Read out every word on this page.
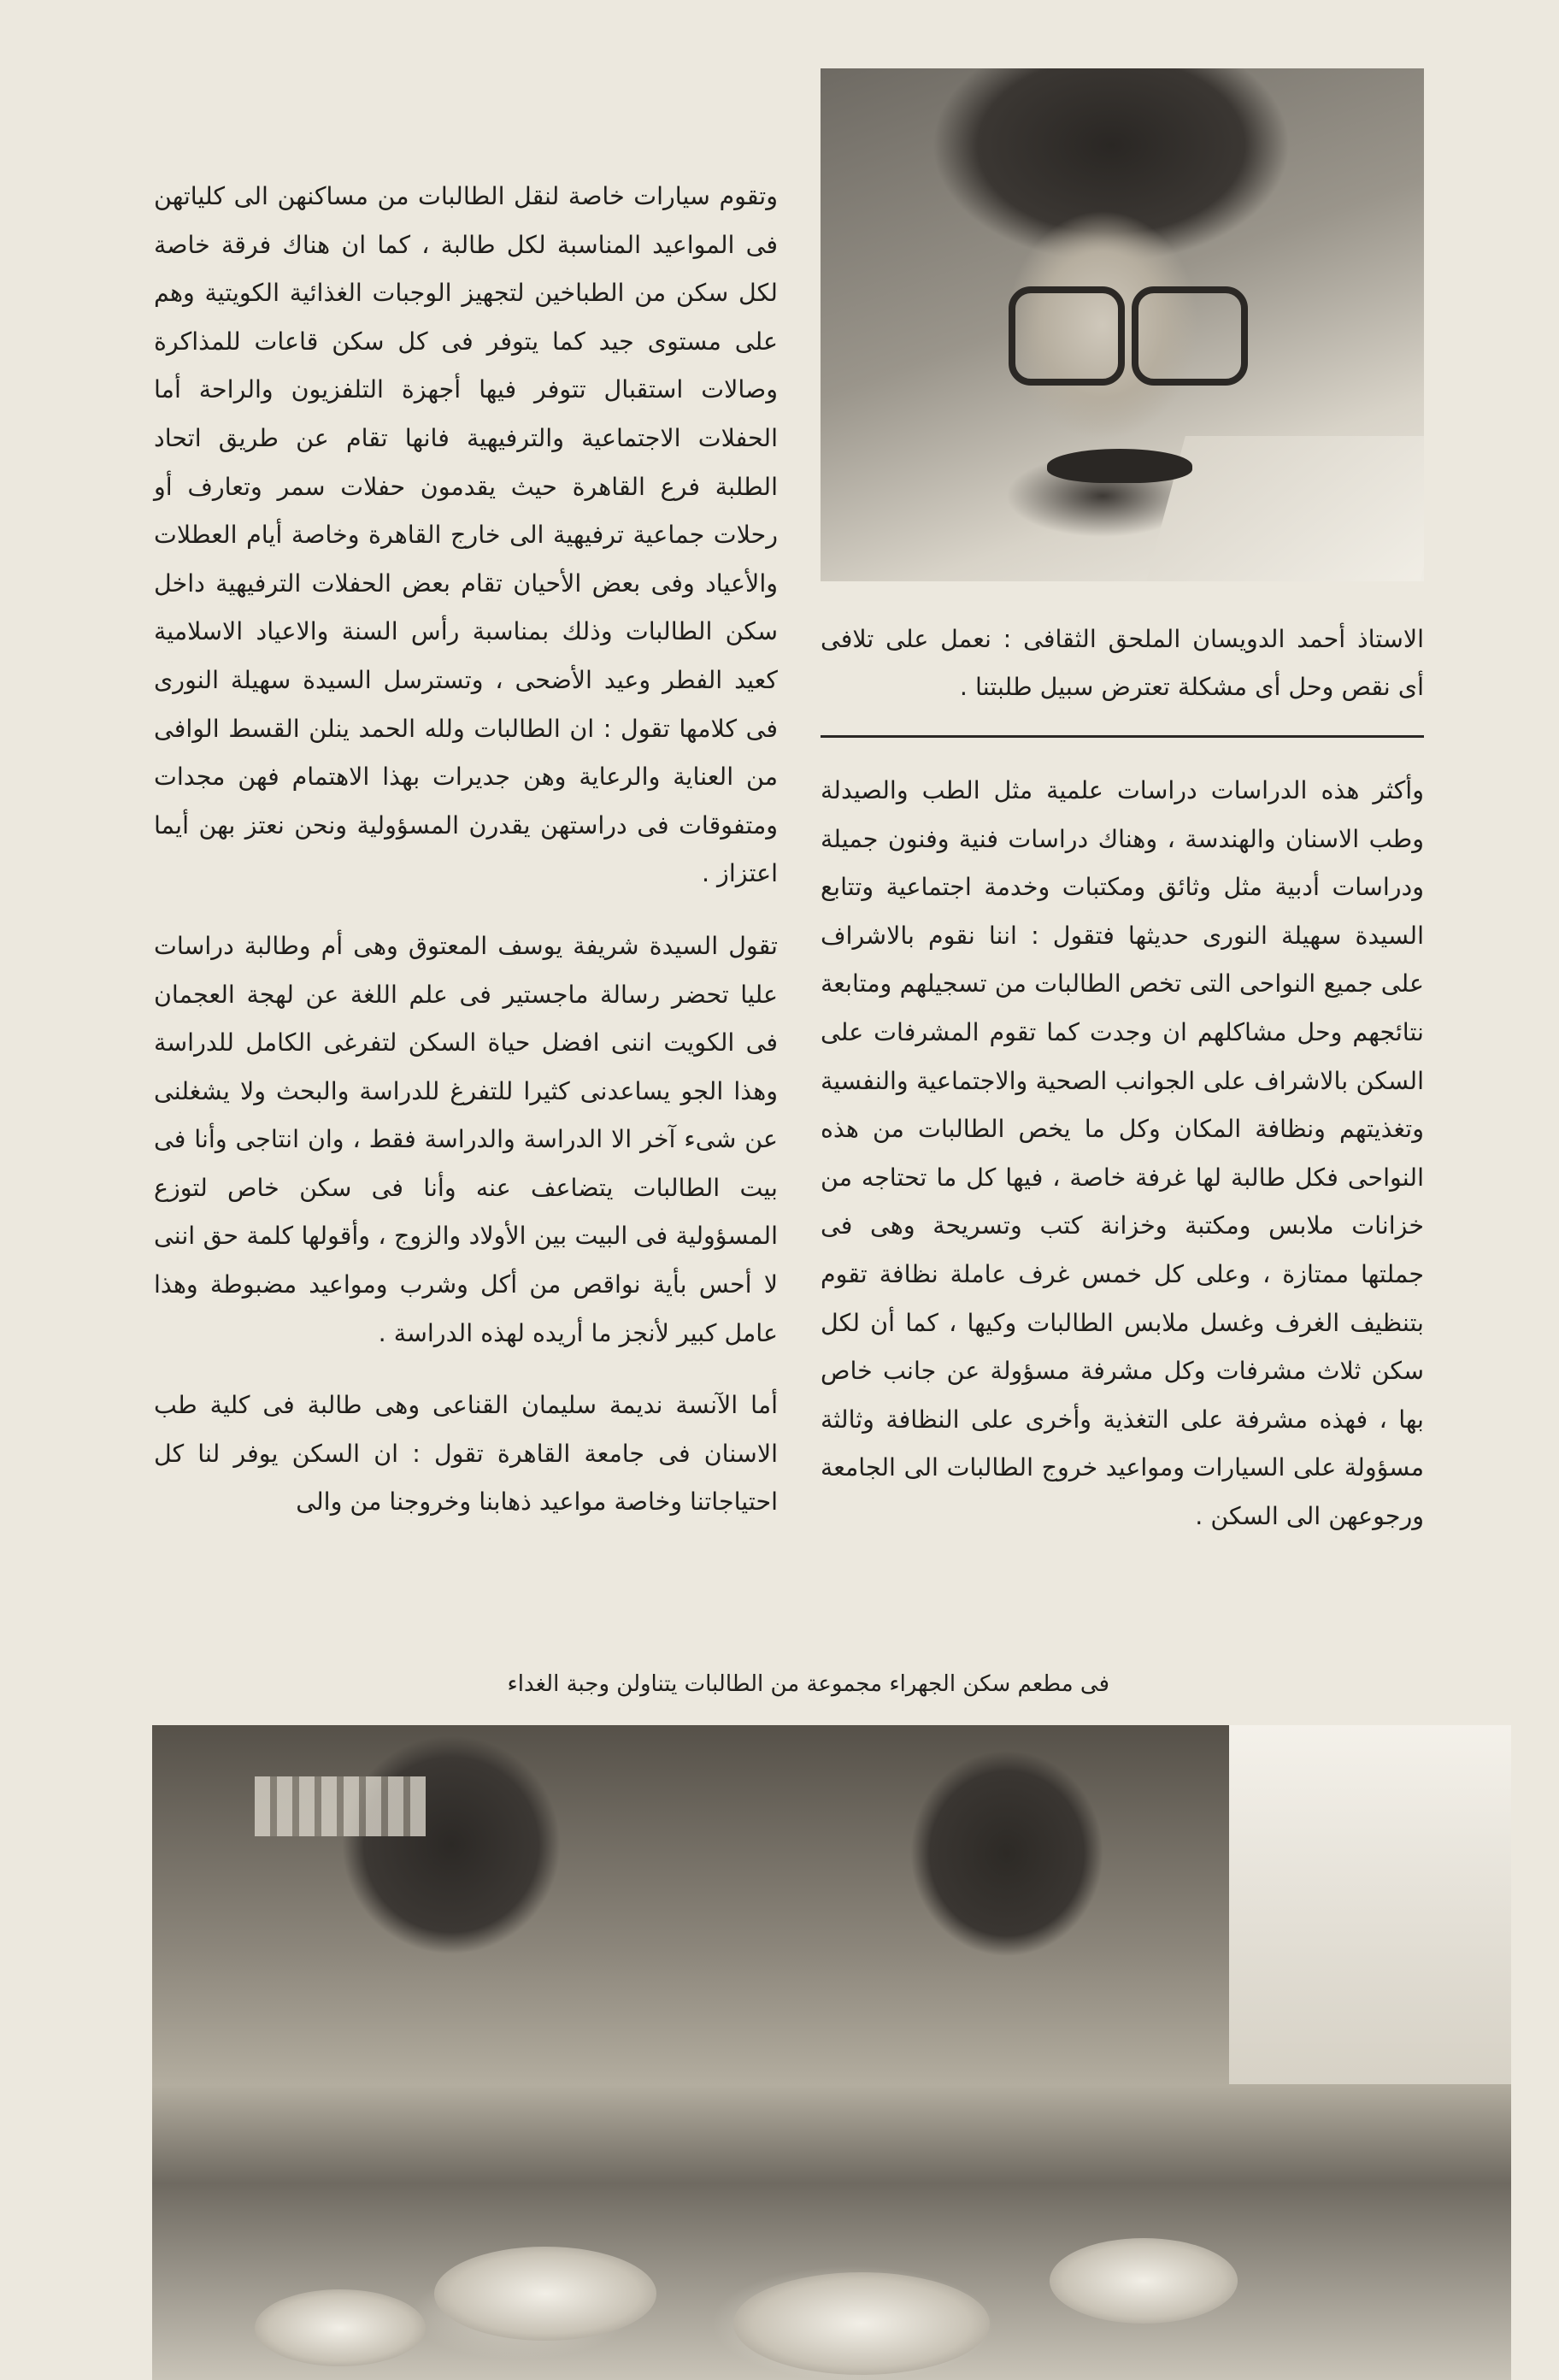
الاستاذ أحمد الدويسان الملحق الثقافى : نعمل على تلافى أى نقص وحل أى مشكلة تعترض سبيل طلبتنا .

وتقوم سيارات خاصة لنقل الطالبات من مساكنهن الى كلياتهن فى المواعيد المناسبة لكل طالبة ، كما ان هناك فرقة خاصة لكل سكن من الطباخين لتجهيز الوجبات الغذائية الكويتية وهم على مستوى جيد كما يتوفر فى كل سكن قاعات للمذاكرة وصالات استقبال تتوفر فيها أجهزة التلفزيون والراحة أما الحفلات الاجتماعية والترفيهية فانها تقام عن طريق اتحاد الطلبة فرع القاهرة حيث يقدمون حفلات سمر وتعارف أو رحلات جماعية ترفيهية الى خارج القاهرة وخاصة أيام العطلات والأعياد وفى بعض الأحيان تقام بعض الحفلات الترفيهية داخل سكن الطالبات وذلك بمناسبة رأس السنة والاعياد الاسلامية كعيد الفطر وعيد الأضحى ، وتسترسل السيدة سهيلة النورى فى كلامها تقول : ان الطالبات ولله الحمد ينلن القسط الوافى من العناية والرعاية وهن جديرات بهذا الاهتمام فهن مجدات ومتفوقات فى دراستهن يقدرن المسؤولية ونحن نعتز بهن أيما اعتزاز .

تقول السيدة شريفة يوسف المعتوق وهى أم وطالبة دراسات عليا تحضر رسالة ماجستير فى علم اللغة عن لهجة العجمان فى الكويت اننى افضل حياة السكن لتفرغى الكامل للدراسة وهذا الجو يساعدنى كثيرا للتفرغ للدراسة والبحث ولا يشغلنى عن شىء آخر الا الدراسة والدراسة فقط ، وان انتاجى وأنا فى بيت الطالبات يتضاعف عنه وأنا فى سكن خاص لتوزع المسؤولية فى البيت بين الأولاد والزوج ، وأقولها كلمة حق اننى لا أحس بأية نواقص من أكل وشرب ومواعيد مضبوطة وهذا عامل كبير لأنجز ما أريده لهذه الدراسة .

أما الآنسة نديمة سليمان القناعى وهى طالبة فى كلية طب الاسنان فى جامعة القاهرة تقول : ان السكن يوفر لنا كل احتياجاتنا وخاصة مواعيد ذهابنا وخروجنا من والى

وأكثر هذه الدراسات دراسات علمية مثل الطب والصيدلة وطب الاسنان والهندسة ، وهناك دراسات فنية وفنون جميلة ودراسات أدبية مثل وثائق ومكتبات وخدمة اجتماعية وتتابع السيدة سهيلة النورى حديثها فتقول : اننا نقوم بالاشراف على جميع النواحى التى تخص الطالبات من تسجيلهم ومتابعة نتائجهم وحل مشاكلهم ان وجدت كما تقوم المشرفات على السكن بالاشراف على الجوانب الصحية والاجتماعية والنفسية وتغذيتهم ونظافة المكان وكل ما يخص الطالبات من هذه النواحى فكل طالبة لها غرفة خاصة ، فيها كل ما تحتاجه من خزانات ملابس ومكتبة وخزانة كتب وتسريحة وهى فى جملتها ممتازة ، وعلى كل خمس غرف عاملة نظافة تقوم بتنظيف الغرف وغسل ملابس الطالبات وكيها ، كما أن لكل سكن ثلاث مشرفات وكل مشرفة مسؤولة عن جانب خاص بها ، فهذه مشرفة على التغذية وأخرى على النظافة وثالثة مسؤولة على السيارات ومواعيد خروج الطالبات الى الجامعة ورجوعهن الى السكن .

فى مطعم سكن الجهراء مجموعة من الطالبات يتناولن وجبة الغداء
